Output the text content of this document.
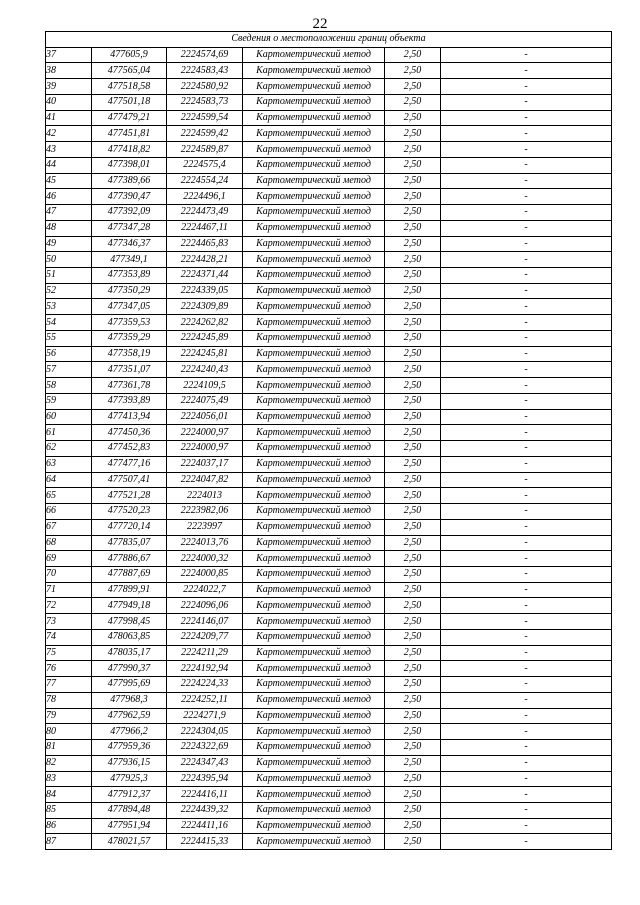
22
Сведения о местоположении границ объекта					
37	477605,9	2224574,69	Картометрический метод	2,50	-
38	477565,04	2224583,43	Картометрический метод	2,50	-
39	477518,58	2224580,92	Картометрический метод	2,50	-
40	477501,18	2224583,73	Картометрический метод	2,50	-
41	477479,21	2224599,54	Картометрический метод	2,50	-
42	477451,81	2224599,42	Картометрический метод	2,50	-
43	477418,82	2224589,87	Картометрический метод	2,50	-
44	477398,01	2224575,4	Картометрический метод	2,50	-
45	477389,66	2224554,24	Картометрический метод	2,50	-
46	477390,47	2224496,1	Картометрический метод	2,50	-
47	477392,09	2224473,49	Картометрический метод	2,50	-
48	477347,28	2224467,11	Картометрический метод	2,50	-
49	477346,37	2224465,83	Картометрический метод	2,50	-
50	477349,1	2224428,21	Картометрический метод	2,50	-
51	477353,89	2224371,44	Картометрический метод	2,50	-
52	477350,29	2224339,05	Картометрический метод	2,50	-
53	477347,05	2224309,89	Картометрический метод	2,50	-
54	477359,53	2224262,82	Картометрический метод	2,50	-
55	477359,29	2224245,89	Картометрический метод	2,50	-
56	477358,19	2224245,81	Картометрический метод	2,50	-
57	477351,07	2224240,43	Картометрический метод	2,50	-
58	477361,78	2224109,5	Картометрический метод	2,50	-
59	477393,89	2224075,49	Картометрический метод	2,50	-
60	477413,94	2224056,01	Картометрический метод	2,50	-
61	477450,36	2224000,97	Картометрический метод	2,50	-
62	477452,83	2224000,97	Картометрический метод	2,50	-
63	477477,16	2224037,17	Картометрический метод	2,50	-
64	477507,41	2224047,82	Картометрический метод	2,50	-
65	477521,28	2224013	Картометрический метод	2,50	-
66	477520,23	2223982,06	Картометрический метод	2,50	-
67	477720,14	2223997	Картометрический метод	2,50	-
68	477835,07	2224013,76	Картометрический метод	2,50	-
69	477886,67	2224000,32	Картометрический метод	2,50	-
70	477887,69	2224000,85	Картометрический метод	2,50	-
71	477899,91	2224022,7	Картометрический метод	2,50	-
72	477949,18	2224096,06	Картометрический метод	2,50	-
73	477998,45	2224146,07	Картометрический метод	2,50	-
74	478063,85	2224209,77	Картометрический метод	2,50	-
75	478035,17	2224211,29	Картометрический метод	2,50	-
76	477990,37	2224192,94	Картометрический метод	2,50	-
77	477995,69	2224224,33	Картометрический метод	2,50	-
78	477968,3	2224252,11	Картометрический метод	2,50	-
79	477962,59	2224271,9	Картометрический метод	2,50	-
80	477966,2	2224304,05	Картометрический метод	2,50	-
81	477959,36	2224322,69	Картометрический метод	2,50	-
82	477936,15	2224347,43	Картометрический метод	2,50	-
83	477925,3	2224395,94	Картометрический метод	2,50	-
84	477912,37	2224416,11	Картометрический метод	2,50	-
85	477894,48	2224439,32	Картометрический метод	2,50	-
86	477951,94	2224411,16	Картометрический метод	2,50	-
87	478021,57	2224415,33	Картометрический метод	2,50	-
